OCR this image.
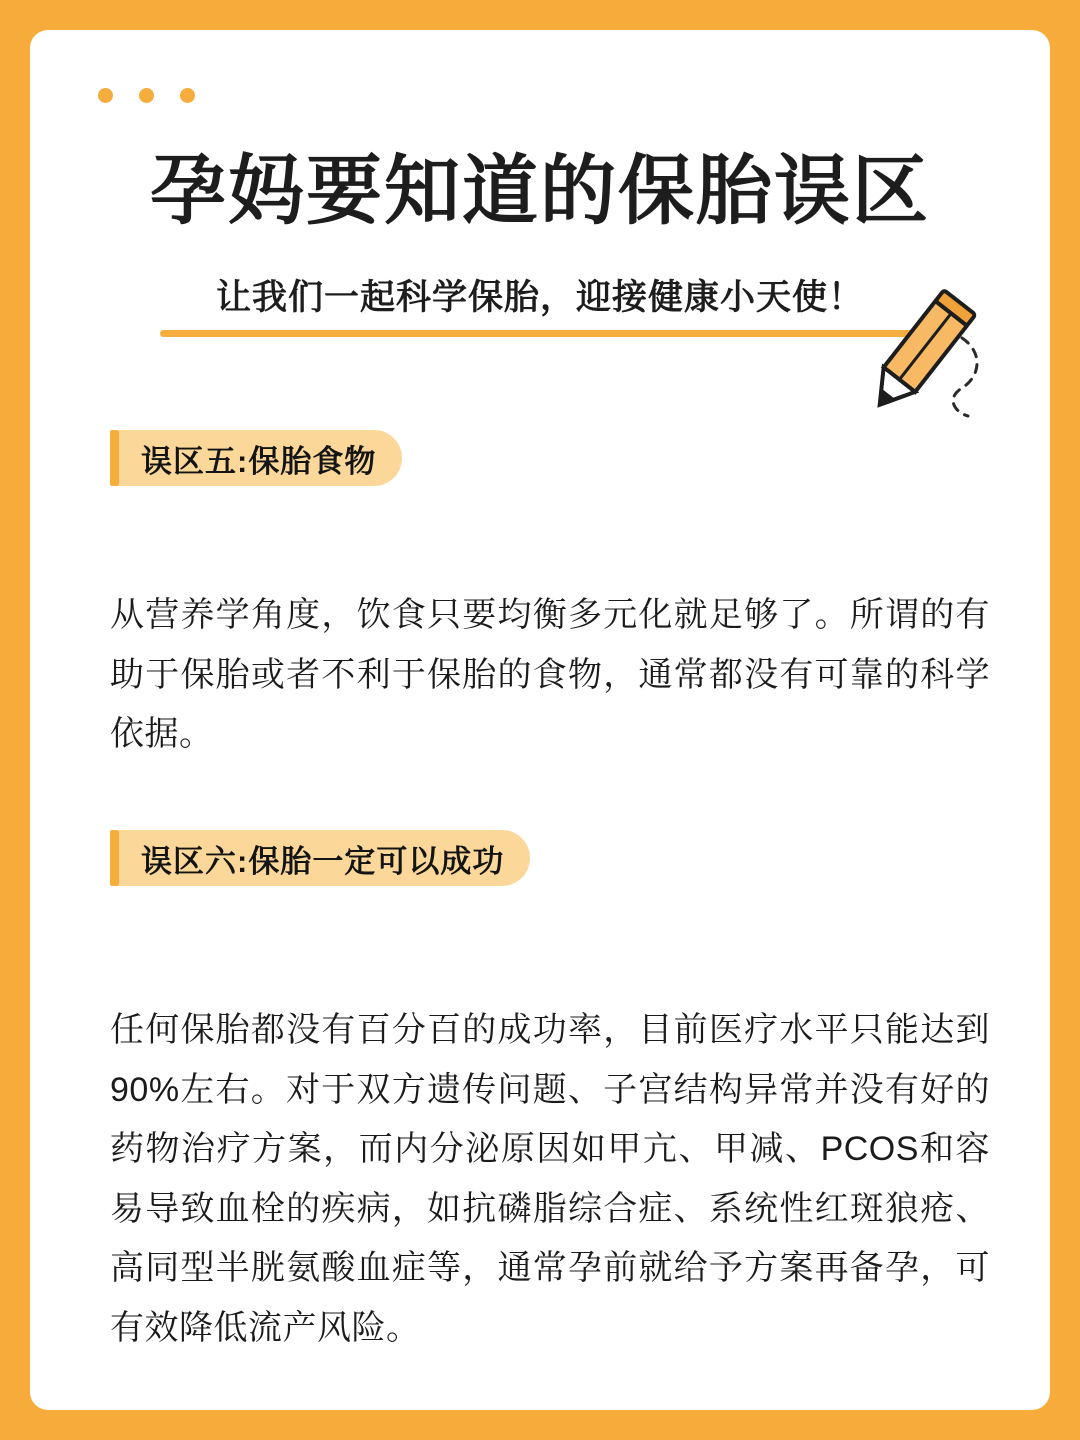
孕妈要知道的保胎误区
让我们一起科学保胎，迎接健康小天使！
误区五:保胎食物
从营养学角度，饮食只要均衡多元化就足够了。所谓的有助于保胎或者不利于保胎的食物，通常都没有可靠的科学依据。
误区六:保胎一定可以成功
任何保胎都没有百分百的成功率，目前医疗水平只能达到90%左右。对于双方遗传问题、子宫结构异常并没有好的药物治疗方案，而内分泌原因如甲亢、甲减、PCOS和容易导致血栓的疾病，如抗磷脂综合症、系统性红斑狼疮、高同型半胱氨酸血症等，通常孕前就给予方案再备孕，可有效降低流产风险。
